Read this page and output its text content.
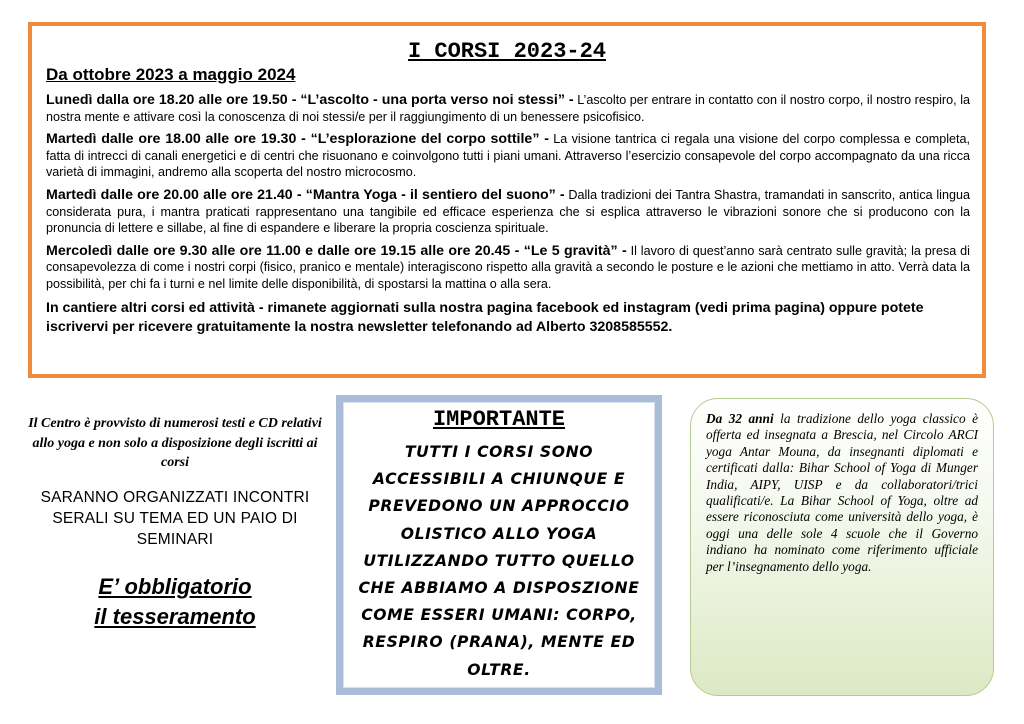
I CORSI 2023-24
Da ottobre 2023 a maggio 2024

Lunedì dalla ore 18.20 alle ore 19.50 - “L’ascolto - una porta verso noi stessi” - L’ascolto per entrare in contatto con il nostro corpo, il nostro respiro, la nostra mente e attivare così la conoscenza di noi stessi/e per il raggiungimento di un benessere psicofisico.

Martedì dalle ore 18.00 alle ore 19.30 - “L’esplorazione del corpo sottile” - La visione tantrica ci regala una visione del corpo complessa e completa, fatta di intrecci di canali energetici e di centri che risuonano e coinvolgono tutti i piani umani. Attraverso l’esercizio consapevole del corpo accompagnato da una ricca varietà di immagini, andremo alla scoperta del nostro microcosmo.

Martedì dalle ore 20.00 alle ore 21.40 - “Mantra Yoga - il sentiero del suono” - Dalla tradizioni dei Tantra Shastra, tramandati in sanscrito, antica lingua considerata pura, i mantra praticati rappresentano una tangibile ed efficace esperienza che si esplica attraverso le vibrazioni sonore che si producono con la pronuncia di lettere e sillabe, al fine di espandere e liberare la propria coscienza spirituale.

Mercoledì dalle ore 9.30 alle ore 11.00 e dalle ore 19.15 alle ore 20.45 - “Le 5 gravità” - Il lavoro di quest’anno sarà centrato sulle gravità; la presa di consapevolezza di come i nostri corpi (fisico, pranico e mentale) interagiscono rispetto alla gravità a secondo le posture e le azioni che mettiamo in atto. Verrà data la possibilità, per chi fa i turni e nel limite delle disponibilità, di spostarsi la mattina o alla sera.

In cantiere altri corsi ed attività - rimanete aggiornati sulla nostra pagina facebook ed instagram (vedi prima pagina) oppure potete iscrivervi per ricevere gratuitamente la nostra newsletter telefonando ad Alberto 3208585552.

Il Centro è provvisto di numerosi testi e CD relativi allo yoga e non solo a disposizione degli iscritti ai corsi

SARANNO ORGANIZZATI INCONTRI SERALI SU TEMA ED UN PAIO DI SEMINARI

E’ obbligatorio
il tesseramento

IMPORTANTE

TUTTI I CORSI SONO ACCESSIBILI A CHIUNQUE E PREVEDONO UN APPROCCIO OLISTICO ALLO YOGA UTILIZZANDO TUTTO QUELLO CHE ABBIAMO A DISPOSZIONE COME ESSERI UMANI: CORPO, RESPIRO (PRANA), MENTE ED OLTRE.

Da 32 anni la tradizione dello yoga classico è offerta ed insegnata a Brescia, nel Circolo ARCI yoga Antar Mouna, da insegnanti diplomati e certificati dalla: Bihar School of Yoga di Munger India, AIPY, UISP e da collaboratori/trici qualificati/e. La Bihar School of Yoga, oltre ad essere riconosciuta come università dello yoga, è oggi una delle sole 4 scuole che il Governo indiano ha nominato come riferimento ufficiale per l’insegnamento dello yoga.
